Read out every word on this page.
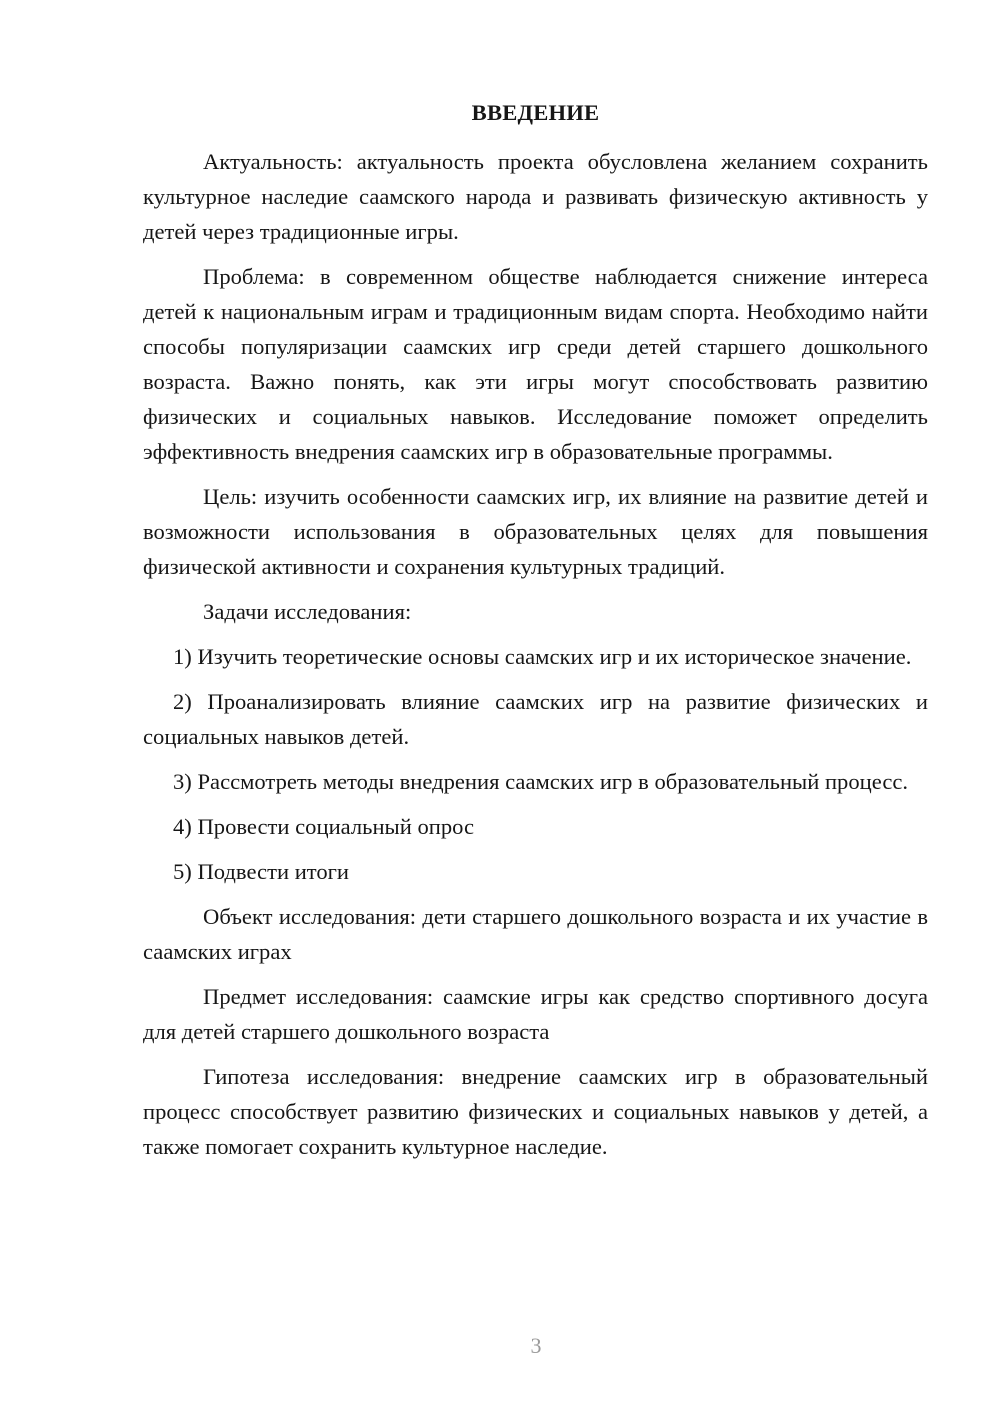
ВВЕДЕНИЕ

Актуальность: актуальность проекта обусловлена желанием сохранить культурное наследие саамского народа и развивать физическую активность у детей через традиционные игры.

Проблема: в современном обществе наблюдается снижение интереса детей к национальным играм и традиционным видам спорта. Необходимо найти способы популяризации саамских игр среди детей старшего дошкольного возраста. Важно понять, как эти игры могут способствовать развитию физических и социальных навыков. Исследование поможет определить эффективность внедрения саамских игр в образовательные программы.

Цель: изучить особенности саамских игр, их влияние на развитие детей и возможности использования в образовательных целях для повышения физической активности и сохранения культурных традиций.

Задачи исследования:

1) Изучить теоретические основы саамских игр и их историческое значение.

2) Проанализировать влияние саамских игр на развитие физических и социальных навыков детей.

3) Рассмотреть методы внедрения саамских игр в образовательный процесс.

4) Провести социальный опрос

5) Подвести итоги

Объект исследования: дети старшего дошкольного возраста и их участие в саамских играх

Предмет исследования: саамские игры как средство спортивного досуга для детей старшего дошкольного возраста

Гипотеза исследования: внедрение саамских игр в образовательный процесс способствует развитию физических и социальных навыков у детей, а также помогает сохранить культурное наследие.

3
